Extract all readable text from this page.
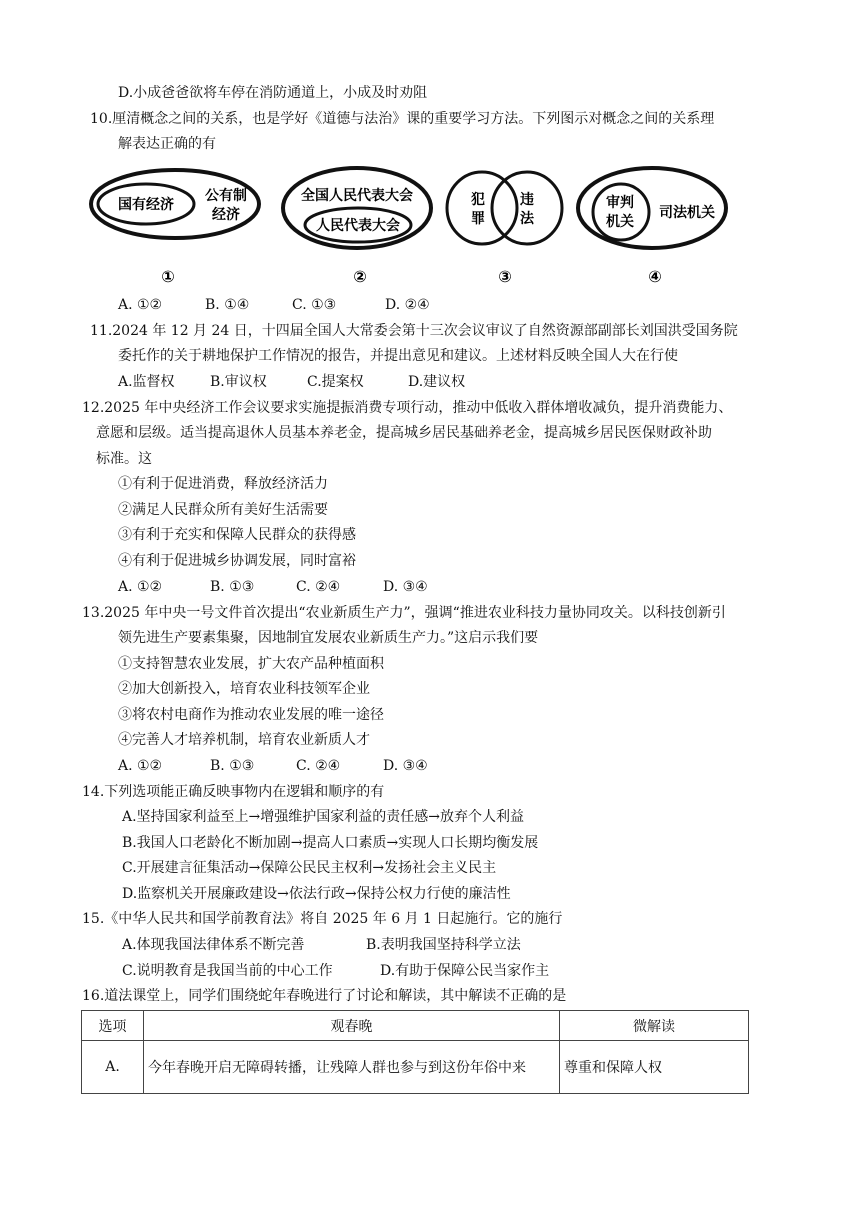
D.小成爸爸欲将车停在消防通道上，小成及时劝阻
10.厘清概念之间的关系，也是学好《道德与法治》课的重要学习方法。下列图示对概念之间的关系理
解表达正确的有
国有经济
公有制
经济
①
全国人民代表大会
人民代表大会
②
犯
罪
违
法
③
审判
机关
司法机关
④
A. ①②	B. ①④	C. ①③	D. ②④
11.2024 年 12 月 24 日，十四届全国人大常委会第十三次会议审议了自然资源部副部长刘国洪受国务院
委托作的关于耕地保护工作情况的报告，并提出意见和建议。上述材料反映全国人大在行使
A.监督权	B.审议权	C.提案权	D.建议权
12.2025 年中央经济工作会议要求实施提振消费专项行动，推动中低收入群体增收减负，提升消费能力、
意愿和层级。适当提高退休人员基本养老金，提高城乡居民基础养老金，提高城乡居民医保财政补助
标准。这
①有利于促进消费，释放经济活力
②满足人民群众所有美好生活需要
③有利于充实和保障人民群众的获得感
④有利于促进城乡协调发展，同时富裕
A. ①②	B. ①③	C. ②④	D. ③④
13.2025 年中央一号文件首次提出“农业新质生产力”，强调“推进农业科技力量协同攻关。以科技创新引
领先进生产要素集聚，因地制宜发展农业新质生产力。”这启示我们要
①支持智慧农业发展，扩大农产品种植面积
②加大创新投入，培育农业科技领军企业
③将农村电商作为推动农业发展的唯一途径
④完善人才培养机制，培育农业新质人才
A. ①②	B. ①③	C. ②④	D. ③④
14.下列选项能正确反映事物内在逻辑和顺序的有
A.坚持国家利益至上→增强维护国家利益的责任感→放弃个人利益
B.我国人口老龄化不断加剧→提高人口素质→实现人口长期均衡发展
C.开展建言征集活动→保障公民民主权利→发扬社会主义民主
D.监察机关开展廉政建设→依法行政→保持公权力行使的廉洁性
15.《中华人民共和国学前教育法》将自 2025 年 6 月 1 日起施行。它的施行
A.体现我国法律体系不断完善	B.表明我国坚持科学立法
C.说明教育是我国当前的中心工作	D.有助于保障公民当家作主
16.道法课堂上，同学们围绕蛇年春晚进行了讨论和解读，其中解读不正确的是
选项	观春晚	微解读
A.	今年春晚开启无障碍转播，让残障人群也参与到这份年俗中来	尊重和保障人权
